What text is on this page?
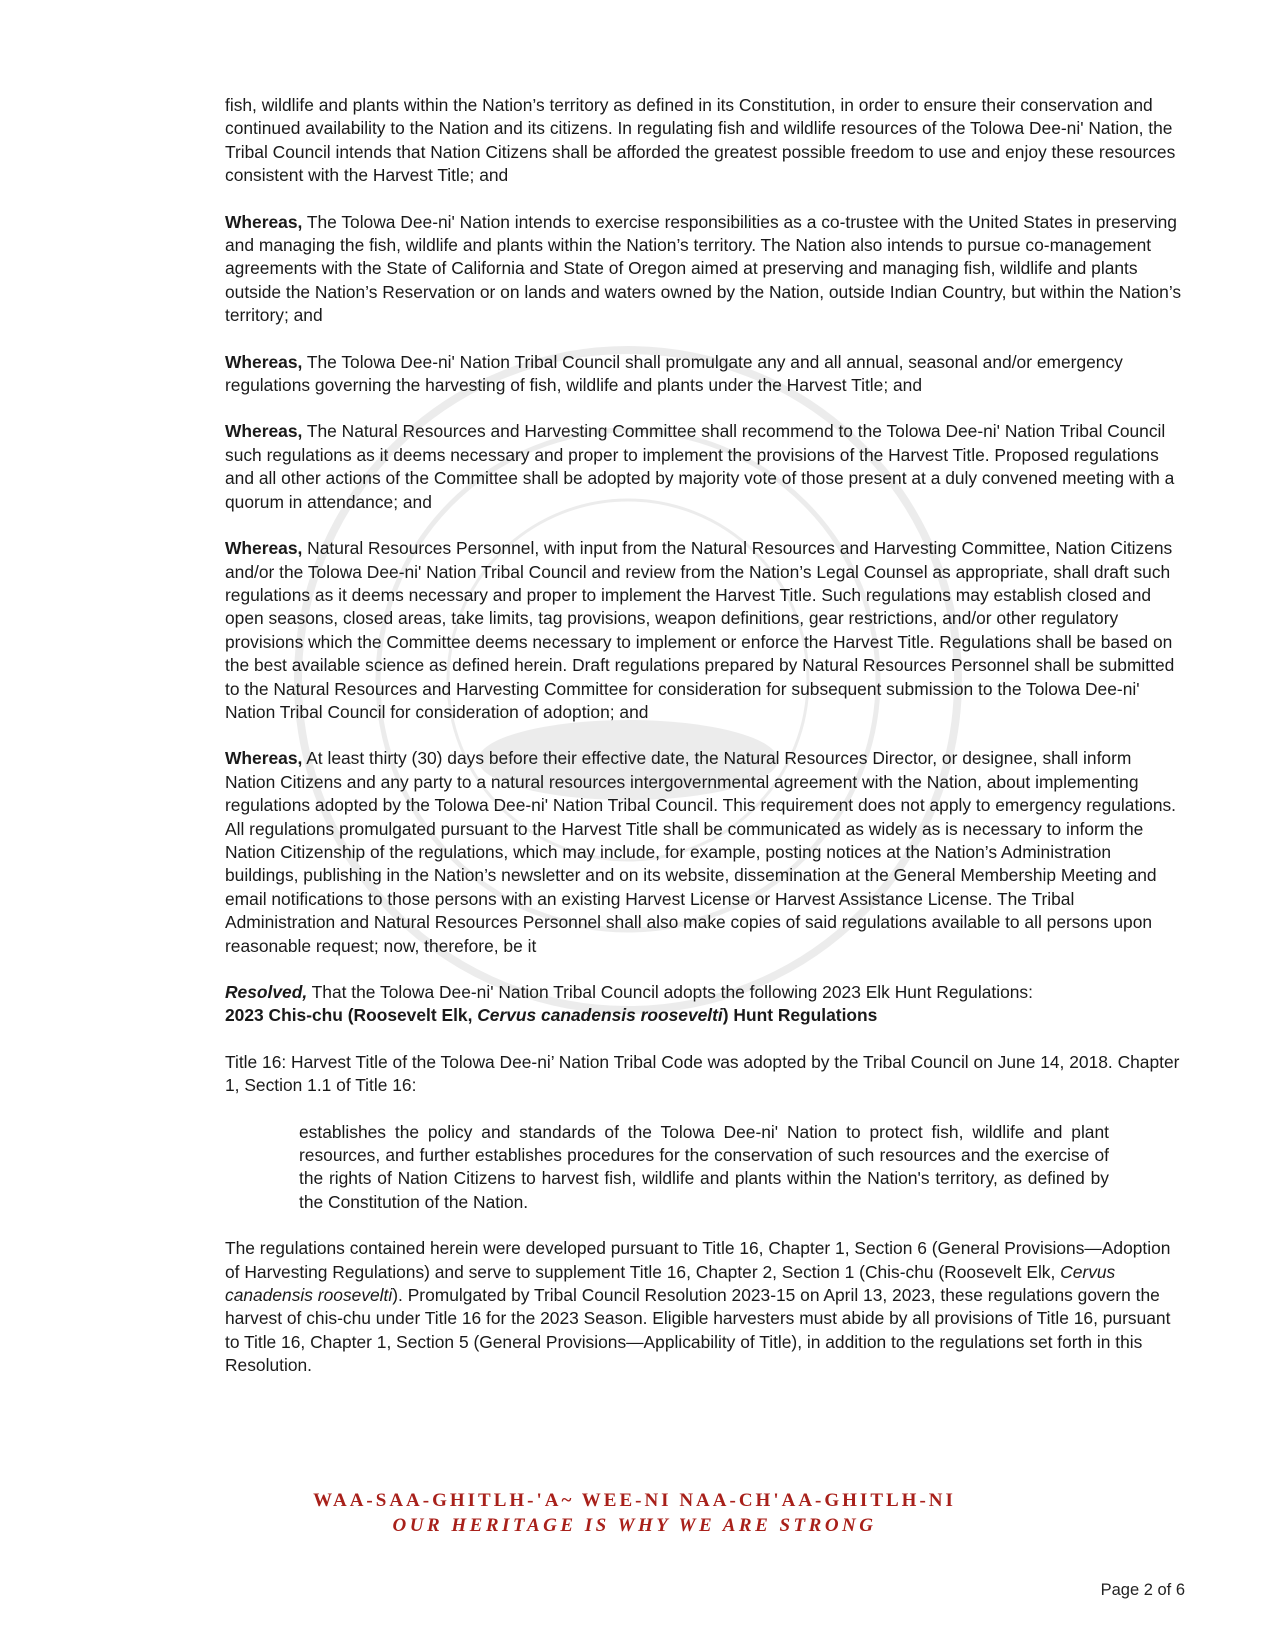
fish, wildlife and plants within the Nation’s territory as defined in its Constitution, in order to ensure their conservation and continued availability to the Nation and its citizens. In regulating fish and wildlife resources of the Tolowa Dee-ni' Nation, the Tribal Council intends that Nation Citizens shall be afforded the greatest possible freedom to use and enjoy these resources consistent with the Harvest Title; and

Whereas, The Tolowa Dee-ni' Nation intends to exercise responsibilities as a co-trustee with the United States in preserving and managing the fish, wildlife and plants within the Nation’s territory. The Nation also intends to pursue co-management agreements with the State of California and State of Oregon aimed at preserving and managing fish, wildlife and plants outside the Nation’s Reservation or on lands and waters owned by the Nation, outside Indian Country, but within the Nation’s territory; and

Whereas, The Tolowa Dee-ni' Nation Tribal Council shall promulgate any and all annual, seasonal and/or emergency regulations governing the harvesting of fish, wildlife and plants under the Harvest Title; and

Whereas, The Natural Resources and Harvesting Committee shall recommend to the Tolowa Dee-ni' Nation Tribal Council such regulations as it deems necessary and proper to implement the provisions of the Harvest Title. Proposed regulations and all other actions of the Committee shall be adopted by majority vote of those present at a duly convened meeting with a quorum in attendance; and

Whereas, Natural Resources Personnel, with input from the Natural Resources and Harvesting Committee, Nation Citizens and/or the Tolowa Dee-ni' Nation Tribal Council and review from the Nation’s Legal Counsel as appropriate, shall draft such regulations as it deems necessary and proper to implement the Harvest Title. Such regulations may establish closed and open seasons, closed areas, take limits, tag provisions, weapon definitions, gear restrictions, and/or other regulatory provisions which the Committee deems necessary to implement or enforce the Harvest Title. Regulations shall be based on the best available science as defined herein. Draft regulations prepared by Natural Resources Personnel shall be submitted to the Natural Resources and Harvesting Committee for consideration for subsequent submission to the Tolowa Dee-ni' Nation Tribal Council for consideration of adoption; and

Whereas, At least thirty (30) days before their effective date, the Natural Resources Director, or designee, shall inform Nation Citizens and any party to a natural resources intergovernmental agreement with the Nation, about implementing regulations adopted by the Tolowa Dee-ni' Nation Tribal Council. This requirement does not apply to emergency regulations. All regulations promulgated pursuant to the Harvest Title shall be communicated as widely as is necessary to inform the Nation Citizenship of the regulations, which may include, for example, posting notices at the Nation’s Administration buildings, publishing in the Nation’s newsletter and on its website, dissemination at the General Membership Meeting and email notifications to those persons with an existing Harvest License or Harvest Assistance License. The Tribal Administration and Natural Resources Personnel shall also make copies of said regulations available to all persons upon reasonable request; now, therefore, be it

Resolved, That the Tolowa Dee-ni' Nation Tribal Council adopts the following 2023 Elk Hunt Regulations:
2023 Chis-chu (Roosevelt Elk, Cervus canadensis roosevelti) Hunt Regulations

Title 16: Harvest Title of the Tolowa Dee-ni’ Nation Tribal Code was adopted by the Tribal Council on June 14, 2018. Chapter 1, Section 1.1 of Title 16:

establishes the policy and standards of the Tolowa Dee-ni' Nation to protect fish, wildlife and plant resources, and further establishes procedures for the conservation of such resources and the exercise of the rights of Nation Citizens to harvest fish, wildlife and plants within the Nation's territory, as defined by the Constitution of the Nation.

The regulations contained herein were developed pursuant to Title 16, Chapter 1, Section 6 (General Provisions—Adoption of Harvesting Regulations) and serve to supplement Title 16, Chapter 2, Section 1 (Chis-chu (Roosevelt Elk, Cervus canadensis roosevelti). Promulgated by Tribal Council Resolution 2023-15 on April 13, 2023, these regulations govern the harvest of chis-chu under Title 16 for the 2023 Season. Eligible harvesters must abide by all provisions of Title 16, pursuant to Title 16, Chapter 1, Section 5 (General Provisions—Applicability of Title), in addition to the regulations set forth in this Resolution.

WAA-SAA-GHITLH-'A~ WEE-NI NAA-CH'AA-GHITLH-NI
OUR HERITAGE IS WHY WE ARE STRONG
Page 2 of 6
